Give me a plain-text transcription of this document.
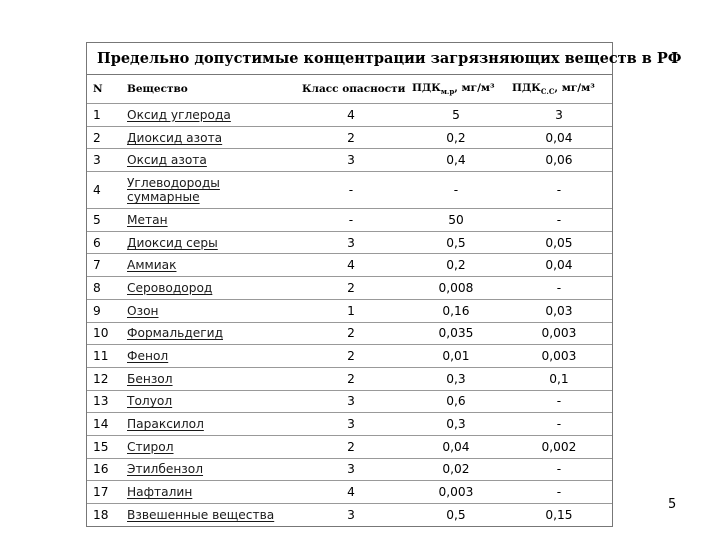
Предельно допустимые концентрации загрязняющих веществ в РФ
N	Вещество	Класс опасности	$ПДК_{м.р}$, мг/м³	$ПДК_{С.С}$, мг/м³
1	Оксид углерода	4	5	3
2	Диоксид азота	2	0,2	0,04
3	Оксид азота	3	0,4	0,06
4	Углеводороды суммарные	-	-	-
5	Метан	-	50	-
6	Диоксид серы	3	0,5	0,05
7	Аммиак	4	0,2	0,04
8	Сероводород	2	0,008	-
9	Озон	1	0,16	0,03
10	Формальдегид	2	0,035	0,003
11	Фенол	2	0,01	0,003
12	Бензол	2	0,3	0,1
13	Толуол	3	0,6	-
14	Параксилол	3	0,3	-
15	Стирол	2	0,04	0,002
16	Этилбензол	3	0,02	-
17	Нафталин	4	0,003	-
18	Взвешенные вещества	3	0,5	0,15
5
